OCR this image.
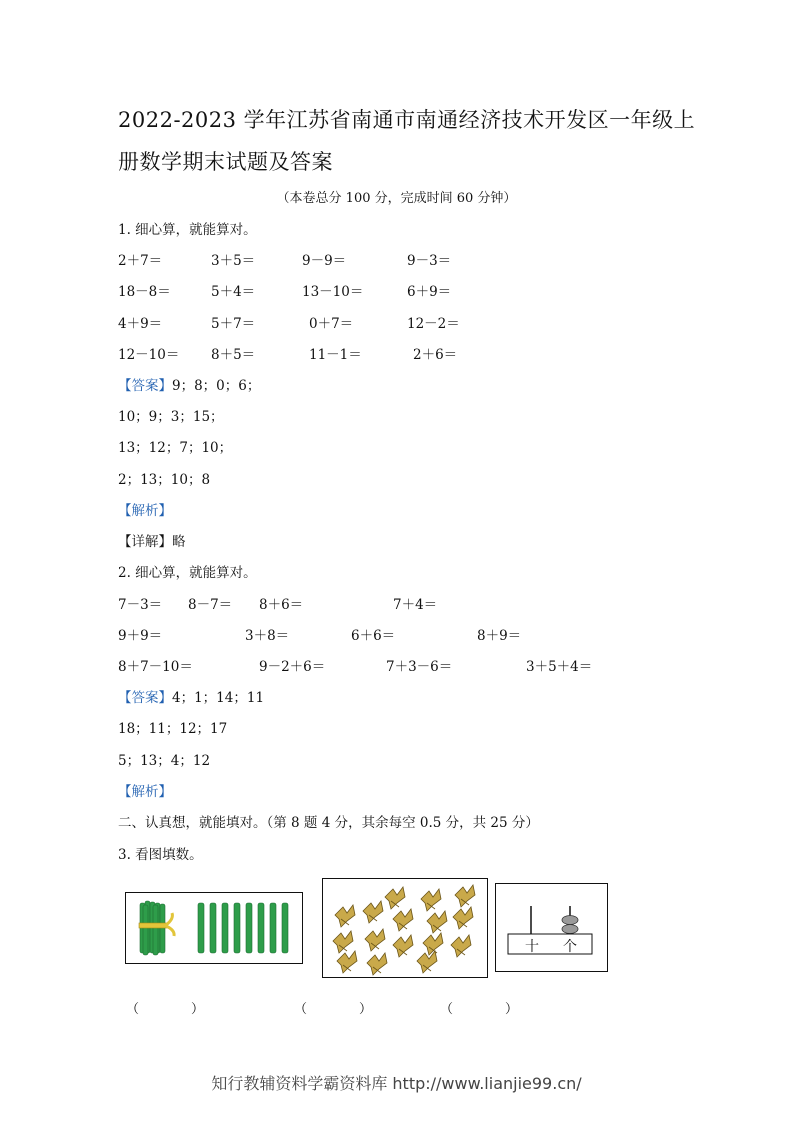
2022-2023 学年江苏省南通市南通经济技术开发区一年级上
册数学期末试题及答案
（本卷总分 100 分，完成时间 60 分钟）
1. 细心算，就能算对。
2＋7＝	3＋5＝	9－9＝	9－3＝
18－8＝	5＋4＝	13－10＝	6＋9＝
4＋9＝	5＋7＝	0＋7＝	12－2＝
12－10＝ 8＋5＝	11－1＝	2＋6＝
【答案】9；8；0；6；
10；9；3；15；
13；12；7；10；
2；13；10；8
【解析】
【详解】略
2. 细心算，就能算对。
7－3＝ 8－7＝ 8＋6＝	7＋4＝
9＋9＝	3＋8＝	6＋6＝	8＋9＝
8＋7－10＝	9－2＋6＝	7＋3－6＝	3＋5＋4＝
【答案】4；1；14；11
18；11；12；17
5；13；4；12
【解析】
二、认真想，就能填对。（第 8 题 4 分，其余每空 0.5 分，共 25 分）
3. 看图填数。
十 个
（　　　　）	（　　　　）	（　　　　）
知行教辅资料学霸资料库 http://www.lianjie99.cn/
